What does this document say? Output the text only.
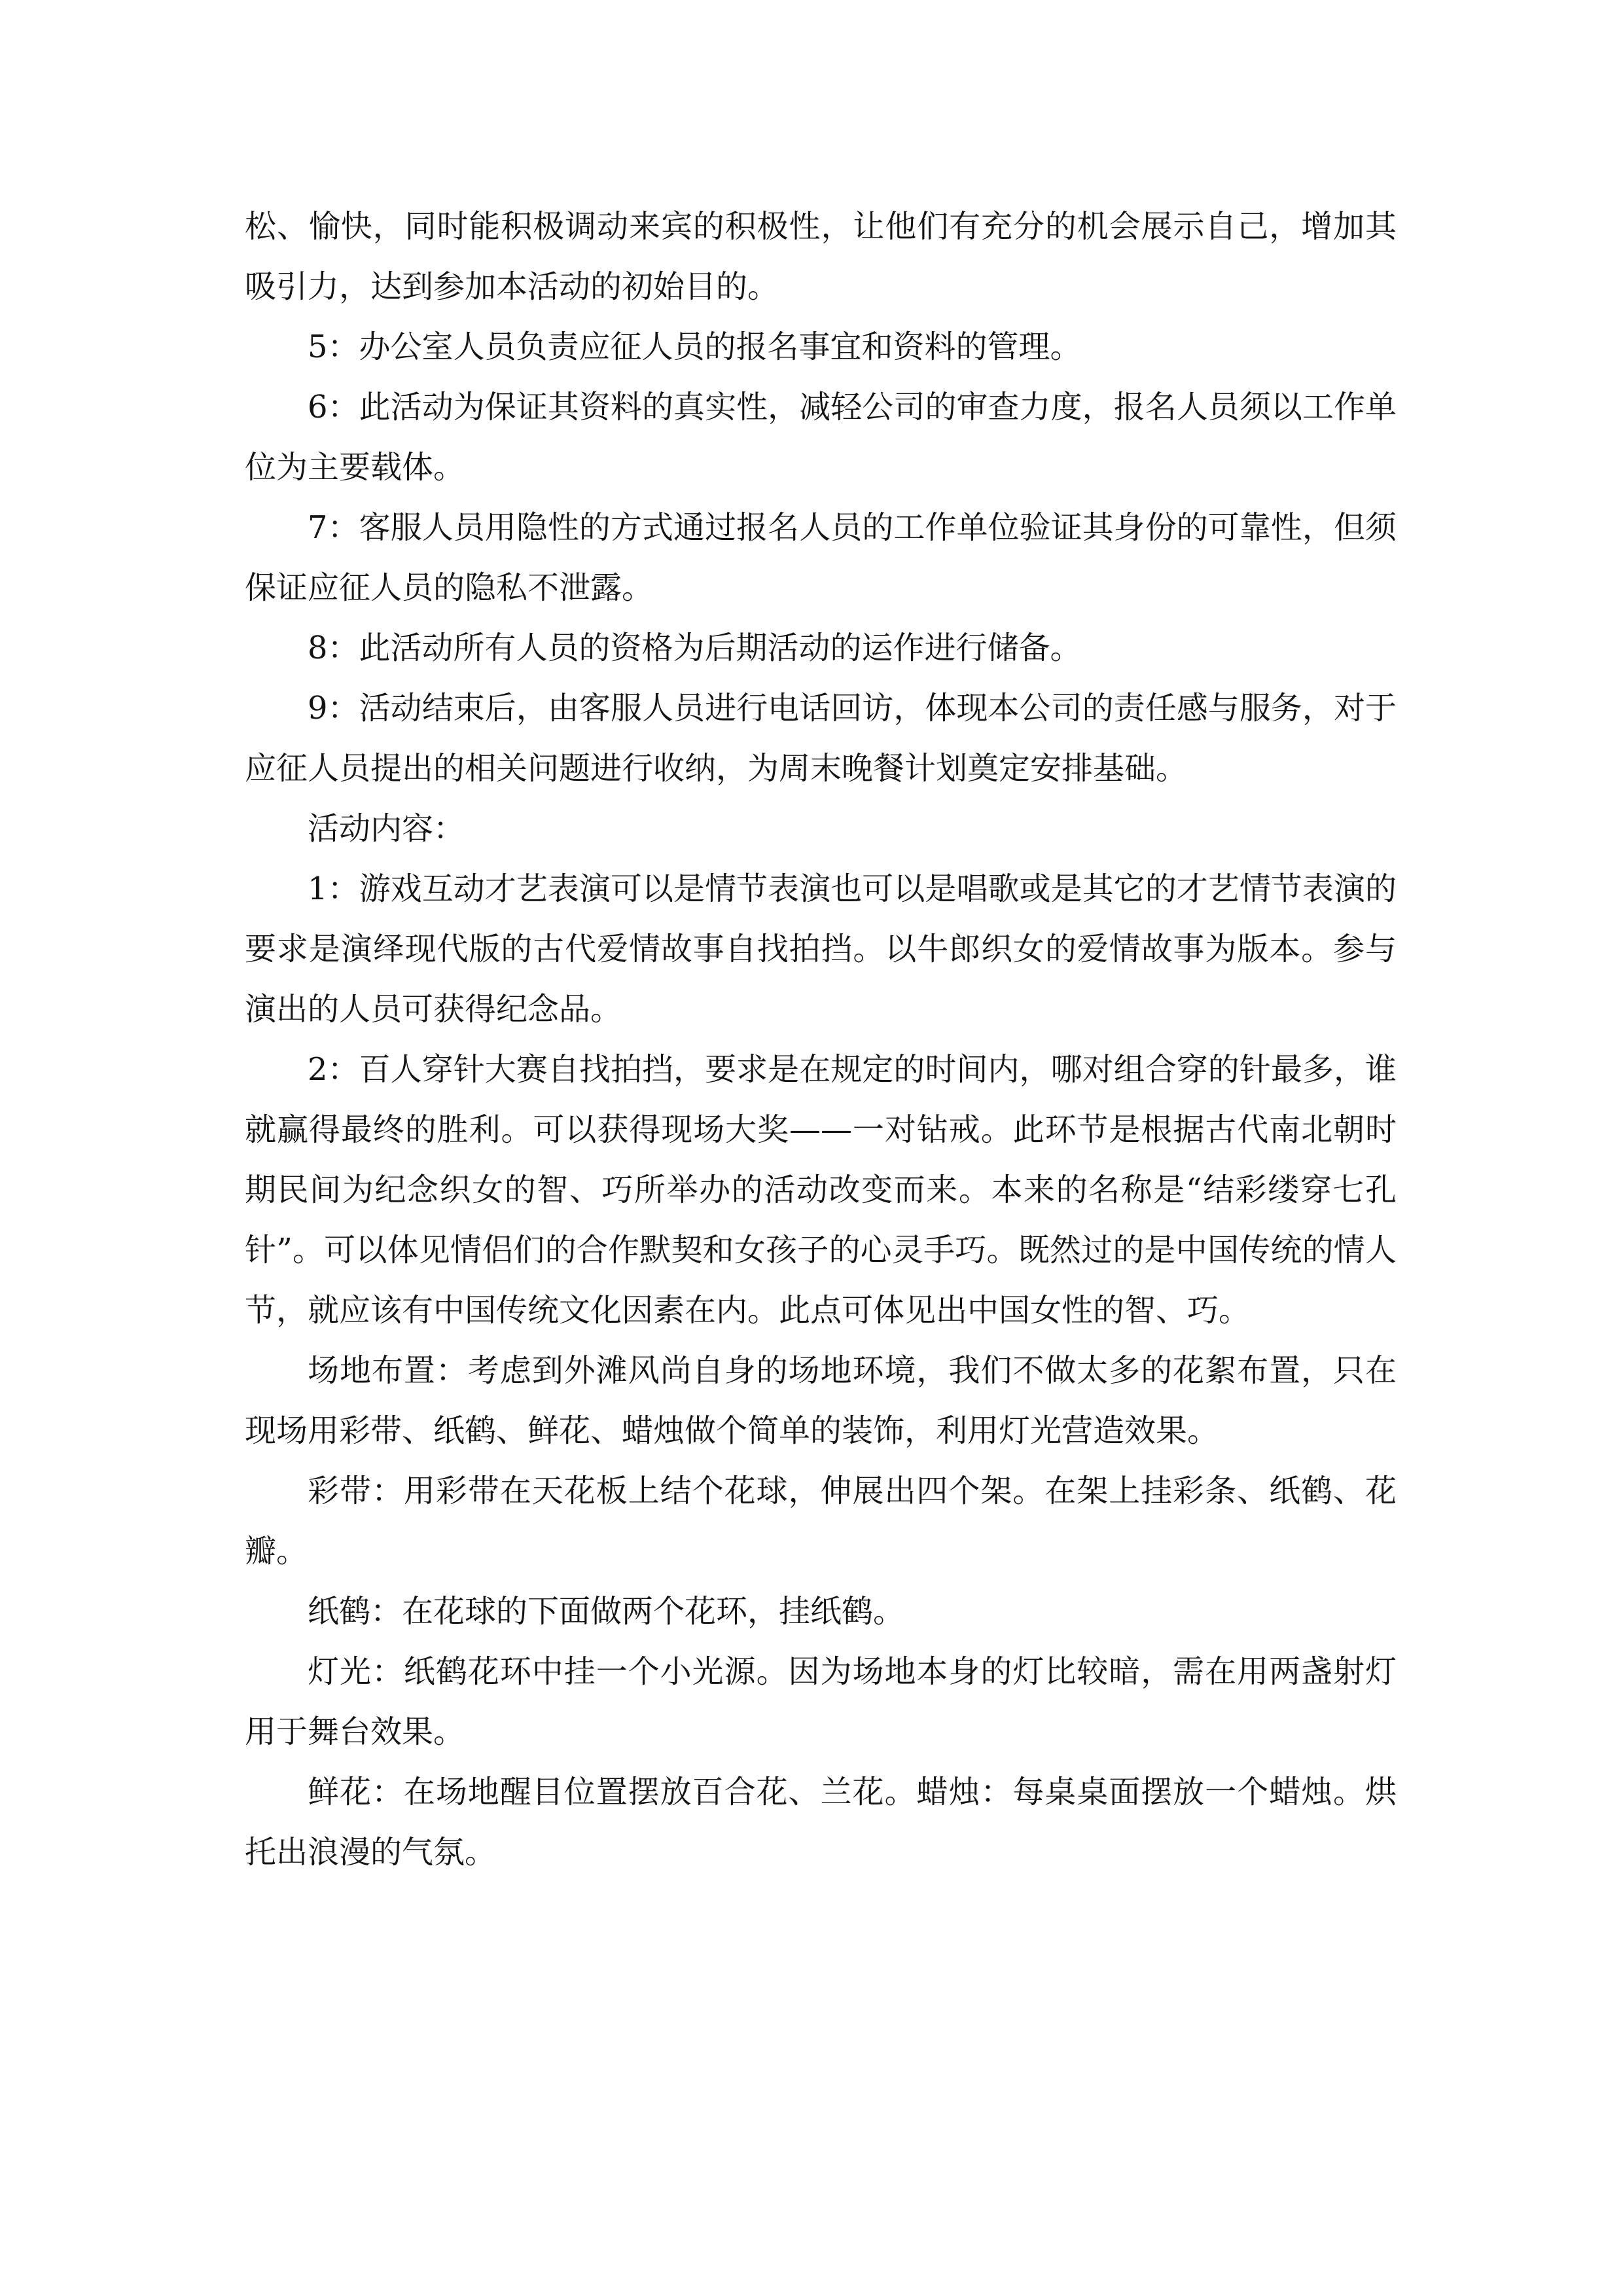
松、愉快，同时能积极调动来宾的积极性，让他们有充分的机会展示自己，增加其吸引力，达到参加本活动的初始目的。

5：办公室人员负责应征人员的报名事宜和资料的管理。

6：此活动为保证其资料的真实性，减轻公司的审查力度，报名人员须以工作单位为主要载体。

7：客服人员用隐性的方式通过报名人员的工作单位验证其身份的可靠性，但须保证应征人员的隐私不泄露。

8：此活动所有人员的资格为后期活动的运作进行储备。

9：活动结束后，由客服人员进行电话回访，体现本公司的责任感与服务，对于应征人员提出的相关问题进行收纳，为周末晚餐计划奠定安排基础。

活动内容：

1：游戏互动才艺表演可以是情节表演也可以是唱歌或是其它的才艺情节表演的要求是演绎现代版的古代爱情故事自找拍挡。以牛郎织女的爱情故事为版本。参与演出的人员可获得纪念品。

2：百人穿针大赛自找拍挡，要求是在规定的时间内，哪对组合穿的针最多，谁就赢得最终的胜利。可以获得现场大奖——一对钻戒。此环节是根据古代南北朝时期民间为纪念织女的智、巧所举办的活动改变而来。本来的名称是“结彩缕穿七孔针”。可以体见情侣们的合作默契和女孩子的心灵手巧。既然过的是中国传统的情人节，就应该有中国传统文化因素在内。此点可体见出中国女性的智、巧。

场地布置：考虑到外滩风尚自身的场地环境，我们不做太多的花絮布置，只在现场用彩带、纸鹤、鲜花、蜡烛做个简单的装饰，利用灯光营造效果。

彩带：用彩带在天花板上结个花球，伸展出四个架。在架上挂彩条、纸鹤、花瓣。

纸鹤：在花球的下面做两个花环，挂纸鹤。

灯光：纸鹤花环中挂一个小光源。因为场地本身的灯比较暗，需在用两盏射灯用于舞台效果。

鲜花：在场地醒目位置摆放百合花、兰花。蜡烛：每桌桌面摆放一个蜡烛。烘托出浪漫的气氛。
